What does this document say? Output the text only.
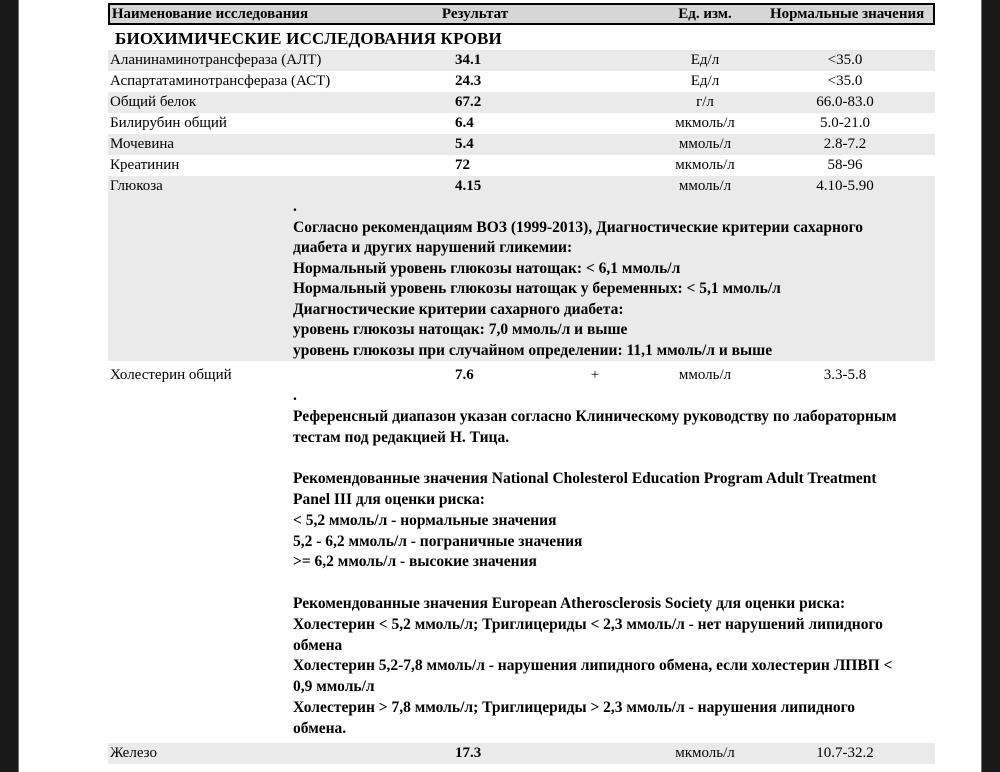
Наименование исследования	Результат	Ед. изм.	Нормальные значения
БИОХИМИЧЕСКИЕ ИССЛЕДОВАНИЯ КРОВИ
Аланинаминотрансфераза (АЛТ)	34.1	Ед/л	<35.0
Аспартатаминотрансфераза (АСТ)	24.3	Ед/л	<35.0
Общий белок	67.2	г/л	66.0-83.0
Билирубин общий	6.4	мкмоль/л	5.0-21.0
Мочевина	5.4	ммоль/л	2.8-7.2
Креатинин	72	мкмоль/л	58-96
Глюкоза	4.15	ммоль/л	4.10-5.90
.
Согласно рекомендациям ВОЗ (1999-2013), Диагностические критерии сахарного
диабета и других нарушений гликемии:
Нормальный уровень глюкозы натощак: < 6,1 ммоль/л
Нормальный уровень глюкозы натощак у беременных: < 5,1 ммоль/л
Диагностические критерии сахарного диабета:
уровень глюкозы натощак: 7,0 ммоль/л и выше
уровень глюкозы при случайном определении: 11,1 ммоль/л и выше
Холестерин общий	7.6	+	ммоль/л	3.3-5.8
.
Референсный диапазон указан согласно Клиническому руководству по лабораторным
тестам под редакцией Н. Тица.
Рекомендованные значения National Cholesterol Education Program Adult Treatment
Panel III для оценки риска:
< 5,2 ммоль/л - нормальные значения
5,2 - 6,2 ммоль/л - пограничные значения
>= 6,2 ммоль/л - высокие значения
Рекомендованные значения European Atherosclerosis Society для оценки риска:
Холестерин < 5,2 ммоль/л; Триглицериды < 2,3 ммоль/л - нет нарушений липидного
обмена
Холестерин 5,2-7,8 ммоль/л - нарушения липидного обмена, если холестерин ЛПВП <
0,9 ммоль/л
Холестерин > 7,8 ммоль/л; Триглицериды > 2,3 ммоль/л - нарушения липидного
обмена.
Железо	17.3	мкмоль/л	10.7-32.2
